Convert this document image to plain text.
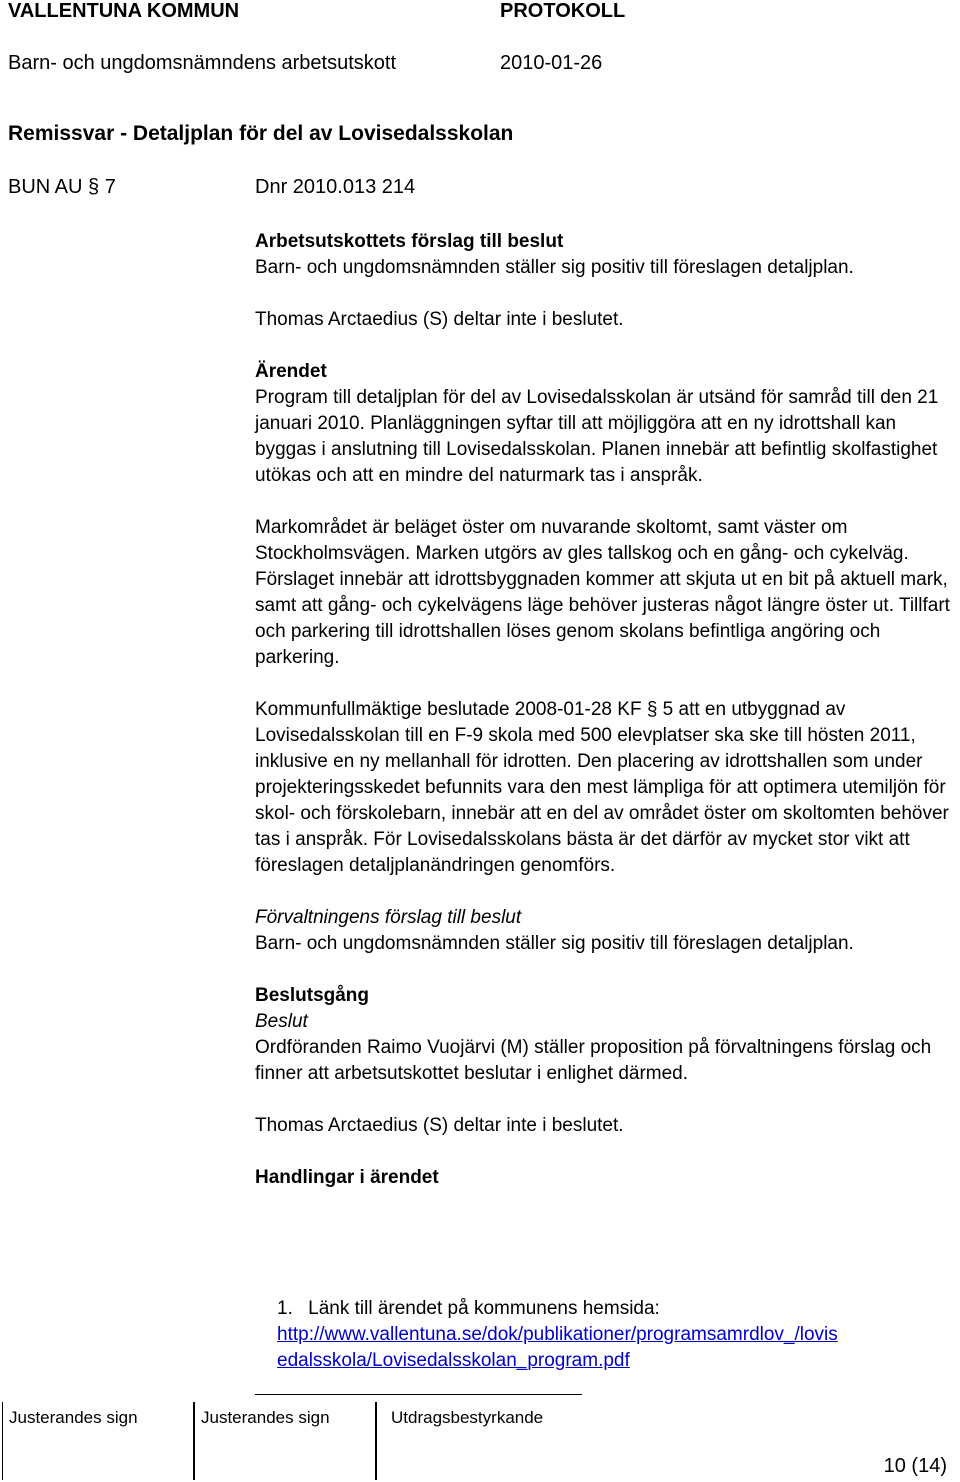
VALLENTUNA KOMMUN	PROTOKOLL
Barn- och ungdomsnämndens arbetsutskott	2010-01-26
Remissvar - Detaljplan för del av Lovisedalsskolan
BUN AU § 7	Dnr 2010.013 214

Arbetsutskottets förslag till beslut

Barn- och ungdomsnämnden ställer sig positiv till föreslagen detaljplan.

Thomas Arctaedius (S) deltar inte i beslutet.

Ärendet

Program till detaljplan för del av Lovisedalsskolan är utsänd för samråd till den 21 januari 2010. Planläggningen syftar till att möjliggöra att en ny idrottshall kan byggas i anslutning till Lovisedalsskolan. Planen innebär att befintlig skolfastighet utökas och att en mindre del naturmark tas i anspråk.

Markområdet är beläget öster om nuvarande skoltomt, samt väster om Stockholmsvägen. Marken utgörs av gles tallskog och en gång- och cykelväg. Förslaget innebär att idrottsbyggnaden kommer att skjuta ut en bit på aktuell mark, samt att gång- och cykelvägens läge behöver justeras något längre öster ut. Tillfart och parkering till idrottshallen löses genom skolans befintliga angöring och parkering.

Kommunfullmäktige beslutade 2008-01-28 KF § 5 att en utbyggnad av Lovisedalsskolan till en F-9 skola med 500 elevplatser ska ske till hösten 2011, inklusive en ny mellanhall för idrotten. Den placering av idrottshallen som under projekteringsskedet befunnits vara den mest lämpliga för att optimera utemiljön för skol- och förskolebarn, innebär att en del av området öster om skoltomten behöver tas i anspråk. För Lovisedalsskolans bästa är det därför av mycket stor vikt att föreslagen detaljplanändringen genomförs.

Förvaltningens förslag till beslut

Barn- och ungdomsnämnden ställer sig positiv till föreslagen detaljplan.

Beslutsgång

Beslut

Ordföranden Raimo Vuojärvi (M) ställer proposition på förvaltningens förslag och finner att arbetsutskottet beslutar i enlighet därmed.

Thomas Arctaedius (S) deltar inte i beslutet.

Handlingar i ärendet

1. Länk till ärendet på kommunens hemsida:
http://www.vallentuna.se/dok/publikationer/programsamrdlov_/lovis
edalsskola/Lovisedalsskolan_program.pdf
Justerandes sign	Justerandes sign	Utdragsbestyrkande
10 (14)
